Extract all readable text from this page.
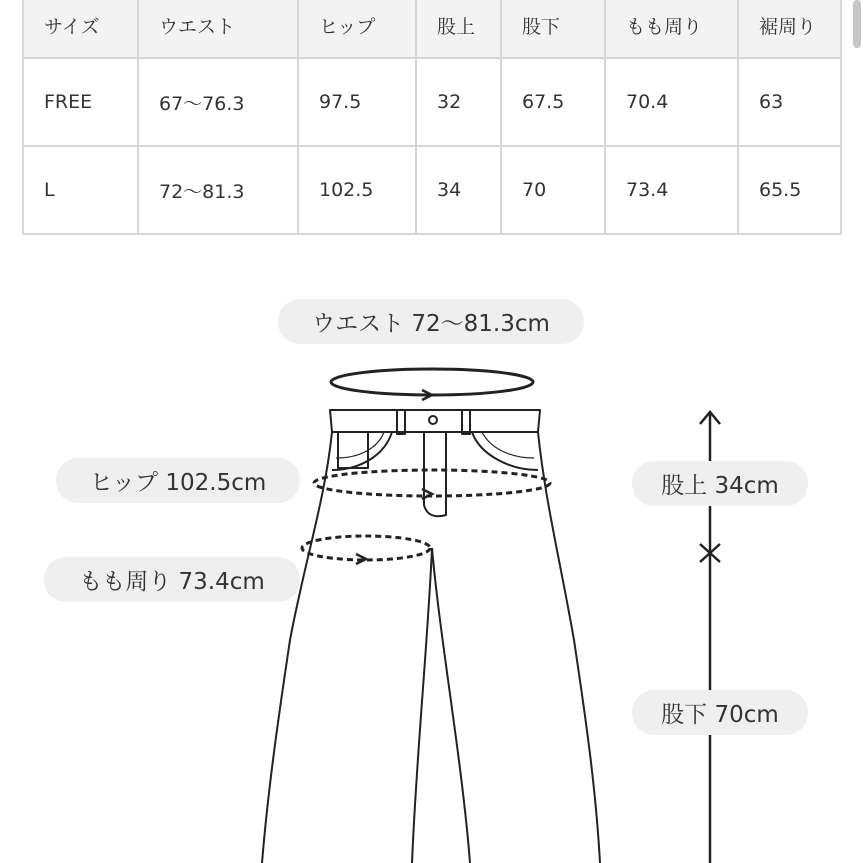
サイズ	ウエスト	ヒップ	股上	股下	もも周り	裾周り
FREE	67〜76.3	97.5	32	67.5	70.4	63
L	72〜81.3	102.5	34	70	73.4	65.5
ウエスト 72〜81.3cm
ヒップ 102.5cm
もも周り 73.4cm
股上 34cm
股下 70cm
